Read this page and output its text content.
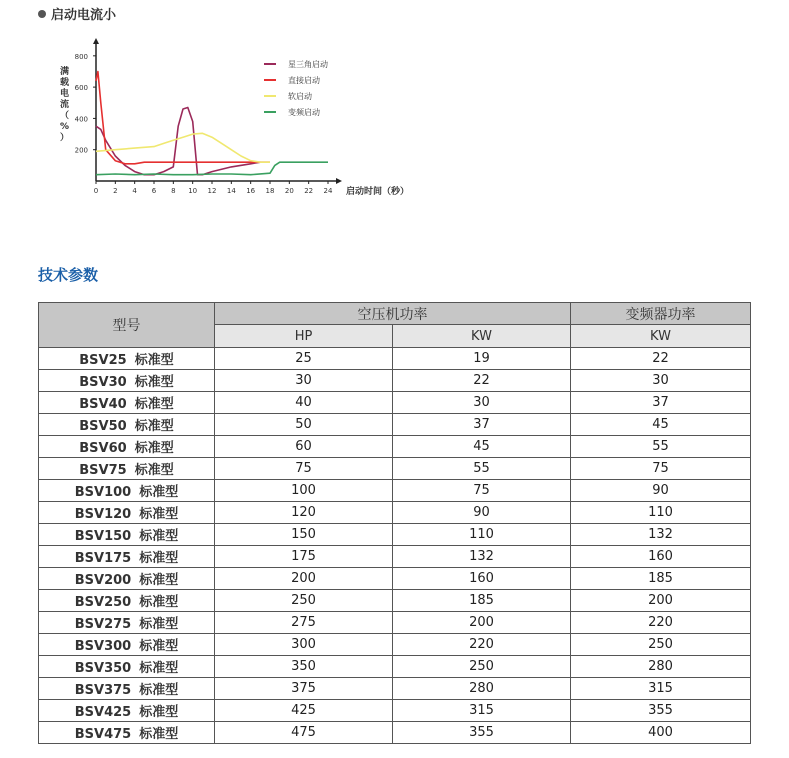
启动电流小
200
400
600
800
0 2 4 6 8 10 12 14 16 18 20 22 24
满载电流（%）
启动时间（秒）
星三角启动
直接启动
软启动
变频启动
技术参数
型号	空压机功率		变频器功率
	HP	KW	KW
BSV25 标准型	25	19	22
BSV30 标准型	30	22	30
BSV40 标准型	40	30	37
BSV50 标准型	50	37	45
BSV60 标准型	60	45	55
BSV75 标准型	75	55	75
BSV100 标准型	100	75	90
BSV120 标准型	120	90	110
BSV150 标准型	150	110	132
BSV175 标准型	175	132	160
BSV200 标准型	200	160	185
BSV250 标准型	250	185	200
BSV275 标准型	275	200	220
BSV300 标准型	300	220	250
BSV350 标准型	350	250	280
BSV375 标准型	375	280	315
BSV425 标准型	425	315	355
BSV475 标准型	475	355	400
